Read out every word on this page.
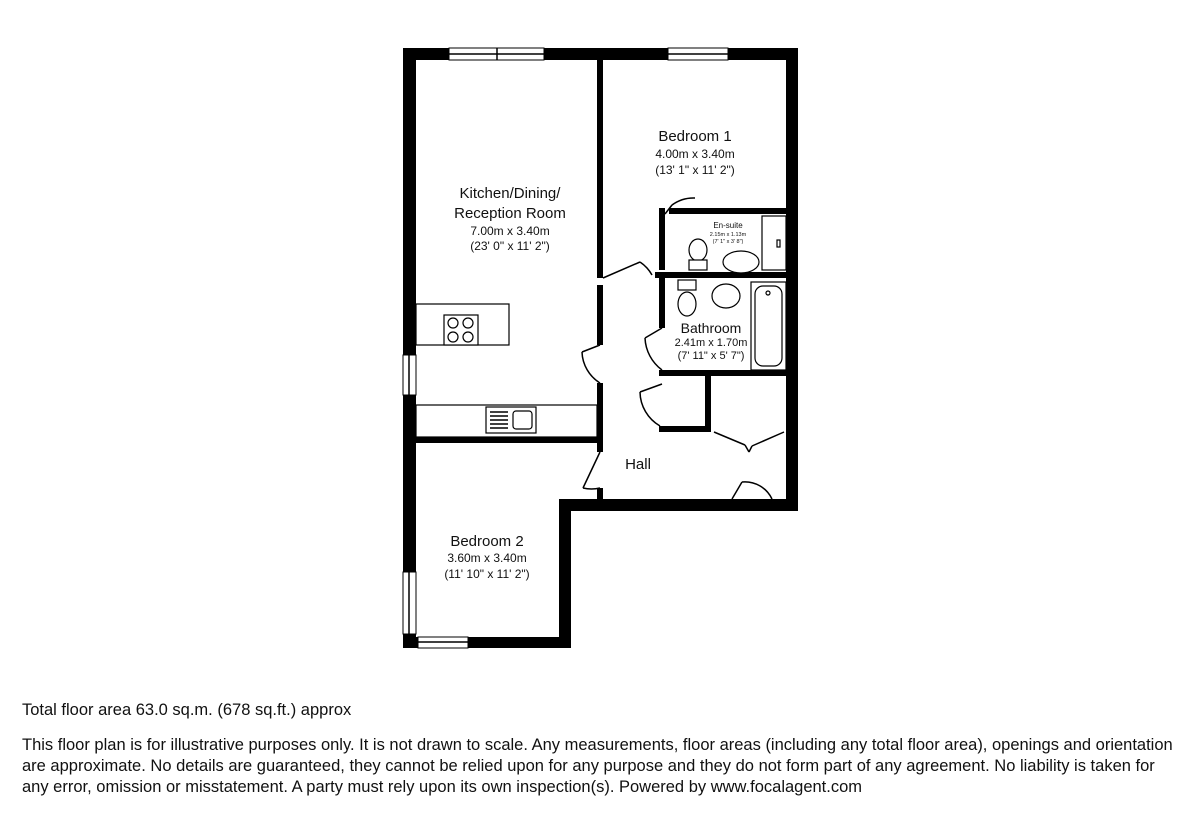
Kitchen/Dining/
Reception Room
7.00m x 3.40m
(23' 0" x 11' 2")
Bedroom 1
4.00m x 3.40m
(13' 1" x 11' 2")
En-suite
2.15m x 1.13m
(7' 1" x 3' 8")
Bathroom
2.41m x 1.70m
(7' 11" x 5' 7")
Hall
Bedroom 2
3.60m x 3.40m
(11' 10" x 11' 2")

Total floor area 63.0 sq.m. (678 sq.ft.) approx

This floor plan is for illustrative purposes only. It is not drawn to scale. Any measurements, floor areas (including any total floor area), openings and orientation are approximate. No details are guaranteed, they cannot be relied upon for any purpose and they do not form part of any agreement. No liability is taken for any error, omission or misstatement. A party must rely upon its own inspection(s). Powered by www.focalagent.com
